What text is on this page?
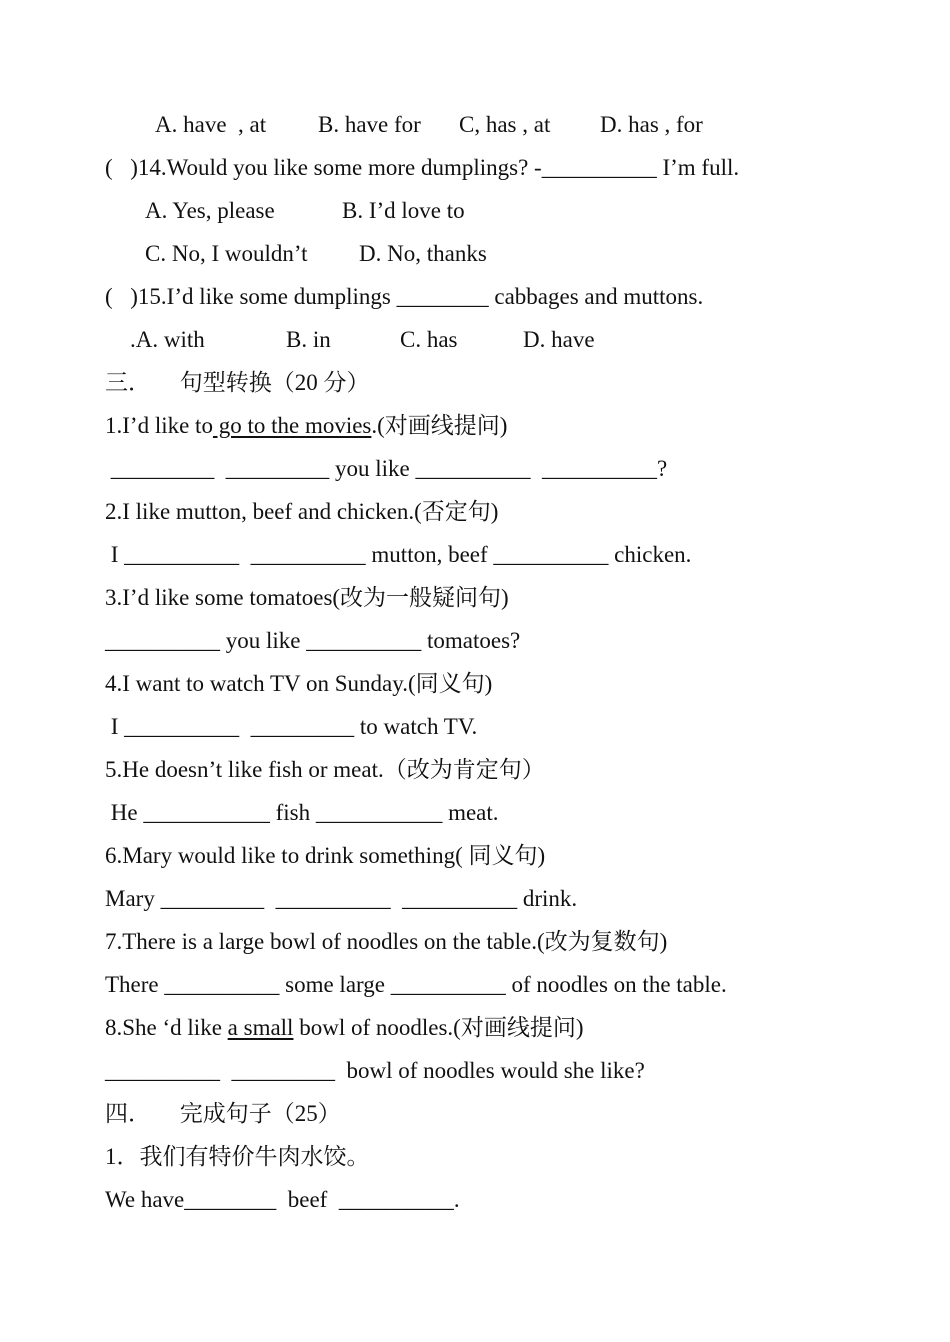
A. have  , at B. have for C, has , at D. has , for
( )14.Would you like some more dumplings? -__________ I’m full.
A. Yes, please	B. I’d love to
C. No, I wouldn’t D. No, thanks
( )15.I’d like some dumplings ________ cabbages and muttons.
.A. with	B. in	C. has	D. have
三．     句型转换（20 分）
1.I’d like to go to the movies.(对画线提问)
_________  _________ you like __________  __________?
2.I like mutton, beef and chicken.(否定句)
I __________  __________ mutton, beef __________ chicken.
3.I’d like some tomatoes(改为一般疑问句)
__________ you like __________ tomatoes?
4.I want to watch TV on Sunday.(同义句)
I __________  _________ to watch TV.
5.He doesn’t like fish or meat.（改为肯定句）
He ___________ fish ___________ meat.
6.Mary would like to drink something( 同义句)
Mary _________  __________  __________ drink.
7.There is a large bowl of noodles on the table.(改为复数句)
There __________ some large __________ of noodles on the table.
8.She ‘d like a small bowl of noodles.(对画线提问)
__________  _________  bowl of noodles would she like?
四．     完成句子（25）
1．我们有特价牛肉水饺。
We have________  beef  __________.
